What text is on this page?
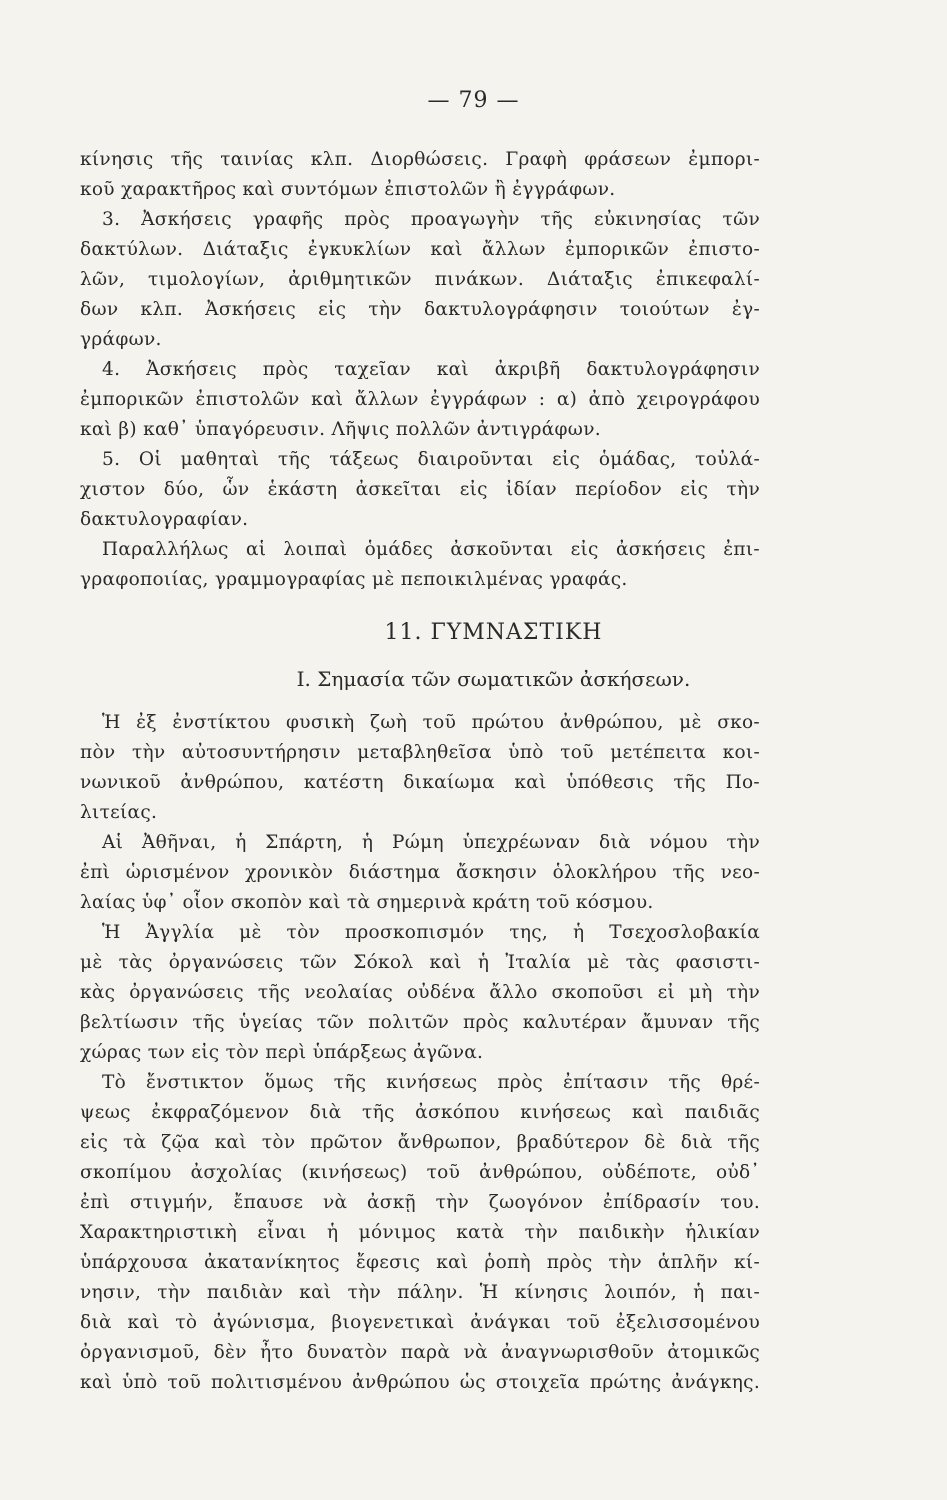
— 79 —
κίνησις τῆς ταινίας κλπ. Διορθώσεις. Γραφὴ φράσεων ἐμπορι-
κοῦ χαρακτῆρος καὶ συντόμων ἐπιστολῶν ἢ ἐγγράφων.
3. Ἀσκήσεις γραφῆς πρὸς προαγωγὴν τῆς εὐκινησίας τῶν
δακτύλων. Διάταξις ἐγκυκλίων καὶ ἄλλων ἐμπορικῶν ἐπιστο-
λῶν, τιμολογίων, ἀριθμητικῶν πινάκων. Διάταξις ἐπικεφαλί-
δων κλπ. Ἀσκήσεις εἰς τὴν δακτυλογράφησιν τοιούτων ἐγ-
γράφων.
4. Ἀσκήσεις πρὸς ταχεῖαν καὶ ἀκριβῆ δακτυλογράφησιν
ἐμπορικῶν ἐπιστολῶν καὶ ἄλλων ἐγγράφων : α) ἀπὸ χειρογράφου
καὶ β) καθ᾽ ὑπαγόρευσιν. Λῆψις πολλῶν ἀντιγράφων.
5. Οἱ μαθηταὶ τῆς τάξεως διαιροῦνται εἰς ὁμάδας, τοὐλά-
χιστον δύο, ὧν ἑκάστη ἀσκεῖται εἰς ἰδίαν περίοδον εἰς τὴν
δακτυλογραφίαν.
Παραλλήλως αἱ λοιπαὶ ὁμάδες ἀσκοῦνται εἰς ἀσκήσεις ἐπι-
γραφοποιίας, γραμμογραφίας μὲ πεποικιλμένας γραφάς.
11. ΓΥΜΝΑΣΤΙΚΗ
Ι. Σημασία τῶν σωματικῶν ἀσκήσεων.
Ἡ ἐξ ἐνστίκτου φυσικὴ ζωὴ τοῦ πρώτου ἀνθρώπου, μὲ σκο-
πὸν τὴν αὐτοσυντήρησιν μεταβληθεῖσα ὑπὸ τοῦ μετέπειτα κοι-
νωνικοῦ ἀνθρώπου, κατέστη δικαίωμα καὶ ὑπόθεσις τῆς Πο-
λιτείας.
Αἱ Ἀθῆναι, ἡ Σπάρτη, ἡ Ρώμη ὑπεχρέωναν διὰ νόμου τὴν
ἐπὶ ὡρισμένον χρονικὸν διάστημα ἄσκησιν ὁλοκλήρου τῆς νεο-
λαίας ὑφ᾽ οἷον σκοπὸν καὶ τὰ σημερινὰ κράτη τοῦ κόσμου.
Ἡ Ἀγγλία μὲ τὸν προσκοπισμόν της, ἡ Τσεχοσλοβακία
μὲ τὰς ὀργανώσεις τῶν Σόκολ καὶ ἡ Ἰταλία μὲ τὰς φασιστι-
κὰς ὀργανώσεις τῆς νεολαίας οὐδένα ἄλλο σκοποῦσι εἰ μὴ τὴν
βελτίωσιν τῆς ὑγείας τῶν πολιτῶν πρὸς καλυτέραν ἄμυναν τῆς
χώρας των εἰς τὸν περὶ ὑπάρξεως ἀγῶνα.
Τὸ ἔνστικτον ὅμως τῆς κινήσεως πρὸς ἐπίτασιν τῆς θρέ-
ψεως ἐκφραζόμενον διὰ τῆς ἀσκόπου κινήσεως καὶ παιδιᾶς
εἰς τὰ ζῷα καὶ τὸν πρῶτον ἄνθρωπον, βραδύτερον δὲ διὰ τῆς
σκοπίμου ἀσχολίας (κινήσεως) τοῦ ἀνθρώπου, οὐδέποτε, οὐδ᾽
ἐπὶ στιγμήν, ἔπαυσε νὰ ἀσκῇ τὴν ζωογόνον ἐπίδρασίν του.
Χαρακτηριστικὴ εἶναι ἡ μόνιμος κατὰ τὴν παιδικὴν ἡλικίαν
ὑπάρχουσα ἀκατανίκητος ἔφεσις καὶ ῥοπὴ πρὸς τὴν ἁπλῆν κί-
νησιν, τὴν παιδιὰν καὶ τὴν πάλην. Ἡ κίνησις λοιπόν, ἡ παι-
διὰ καὶ τὸ ἀγώνισμα, βιογενετικαὶ ἀνάγκαι τοῦ ἐξελισσομένου
ὀργανισμοῦ, δὲν ἦτο δυνατὸν παρὰ νὰ ἀναγνωρισθοῦν ἀτομικῶς
καὶ ὑπὸ τοῦ πολιτισμένου ἀνθρώπου ὡς στοιχεῖα πρώτης ἀνάγκης.
